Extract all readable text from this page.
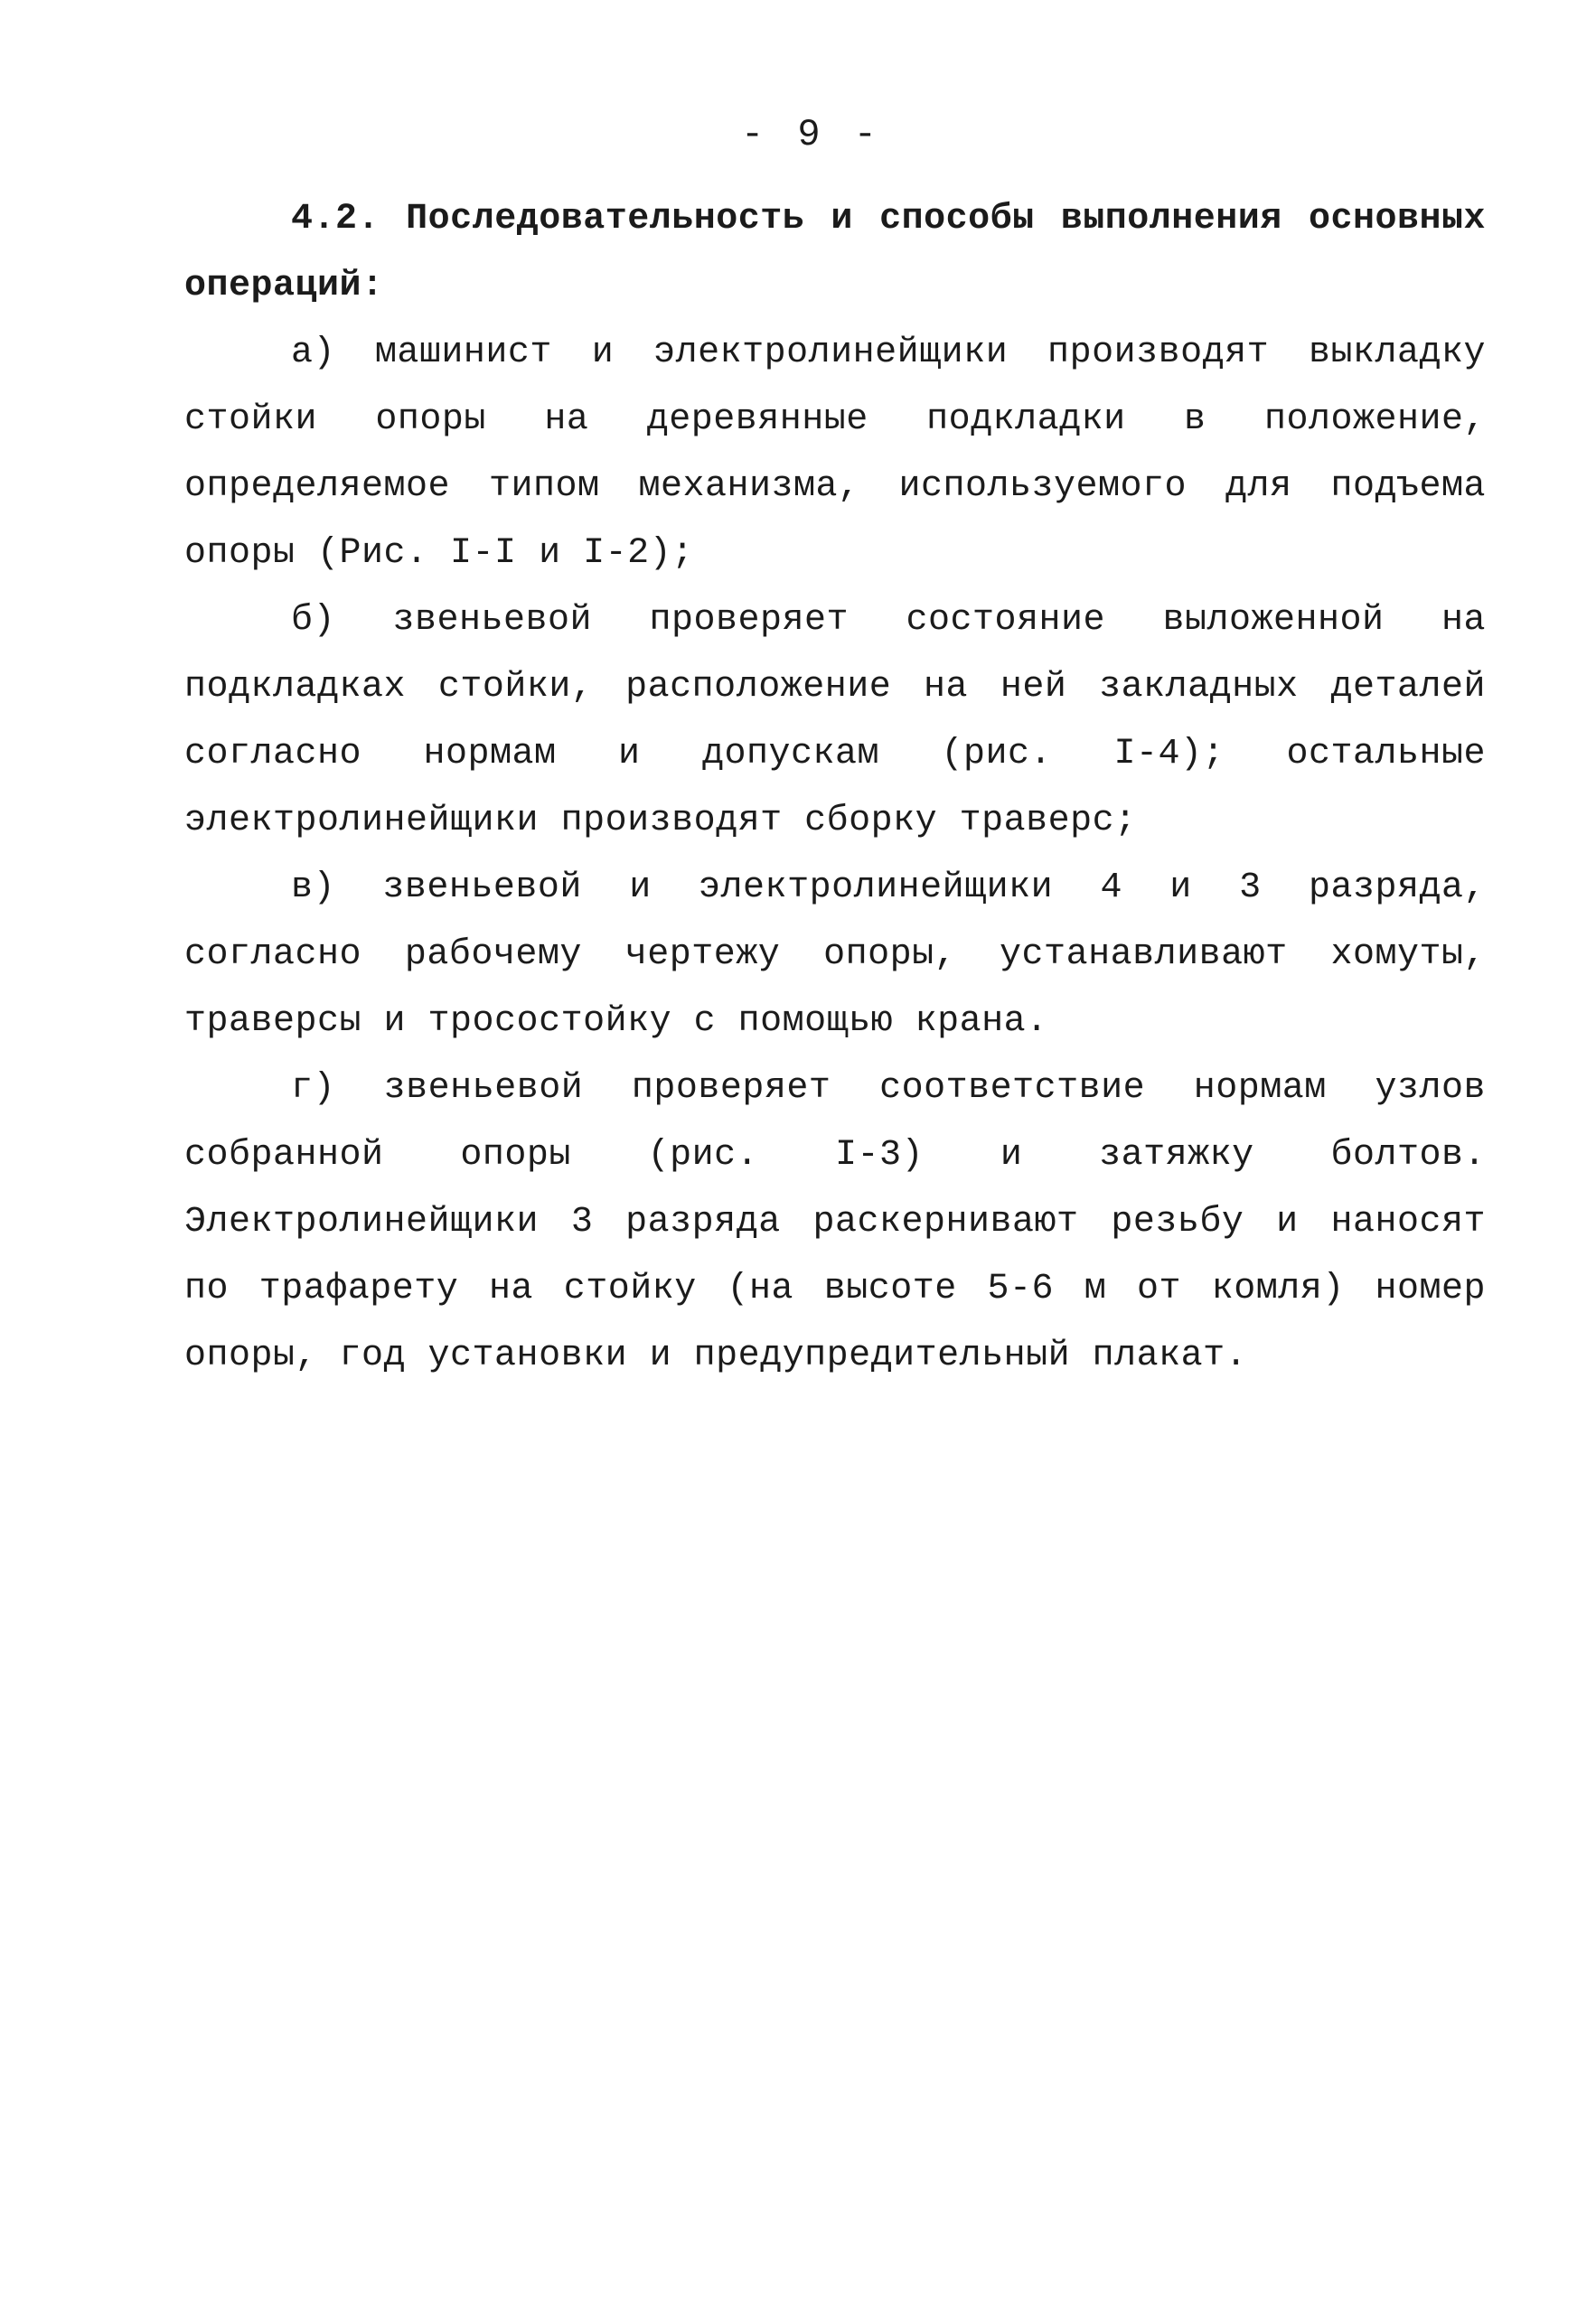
- 9 -

4.2. Последовательность и способы выполнения основных операций:

а) машинист и электролинейщики производят выкладку стойки опоры на деревянные подкладки в положение, определяемое типом механизма, используемого для подъема опоры (Рис. I-I и I-2);

б) звеньевой проверяет состояние выложенной на подкладках стойки, расположение на ней закладных деталей согласно нормам и допускам (рис. I-4); остальные электролинейщики производят сборку траверс;

в) звеньевой и электролинейщики 4 и 3 разряда, согласно рабочему чертежу опоры, устанавливают хомуты, траверсы и тросостойку с помощью крана.

г) звеньевой проверяет соответствие нормам узлов собранной опоры (рис. I-3) и затяжку болтов. Электролинейщики 3 разряда раскернивают резьбу и наносят по трафарету на стойку (на высоте 5-6 м от комля) номер опоры, год установки и предупредительный плакат.
